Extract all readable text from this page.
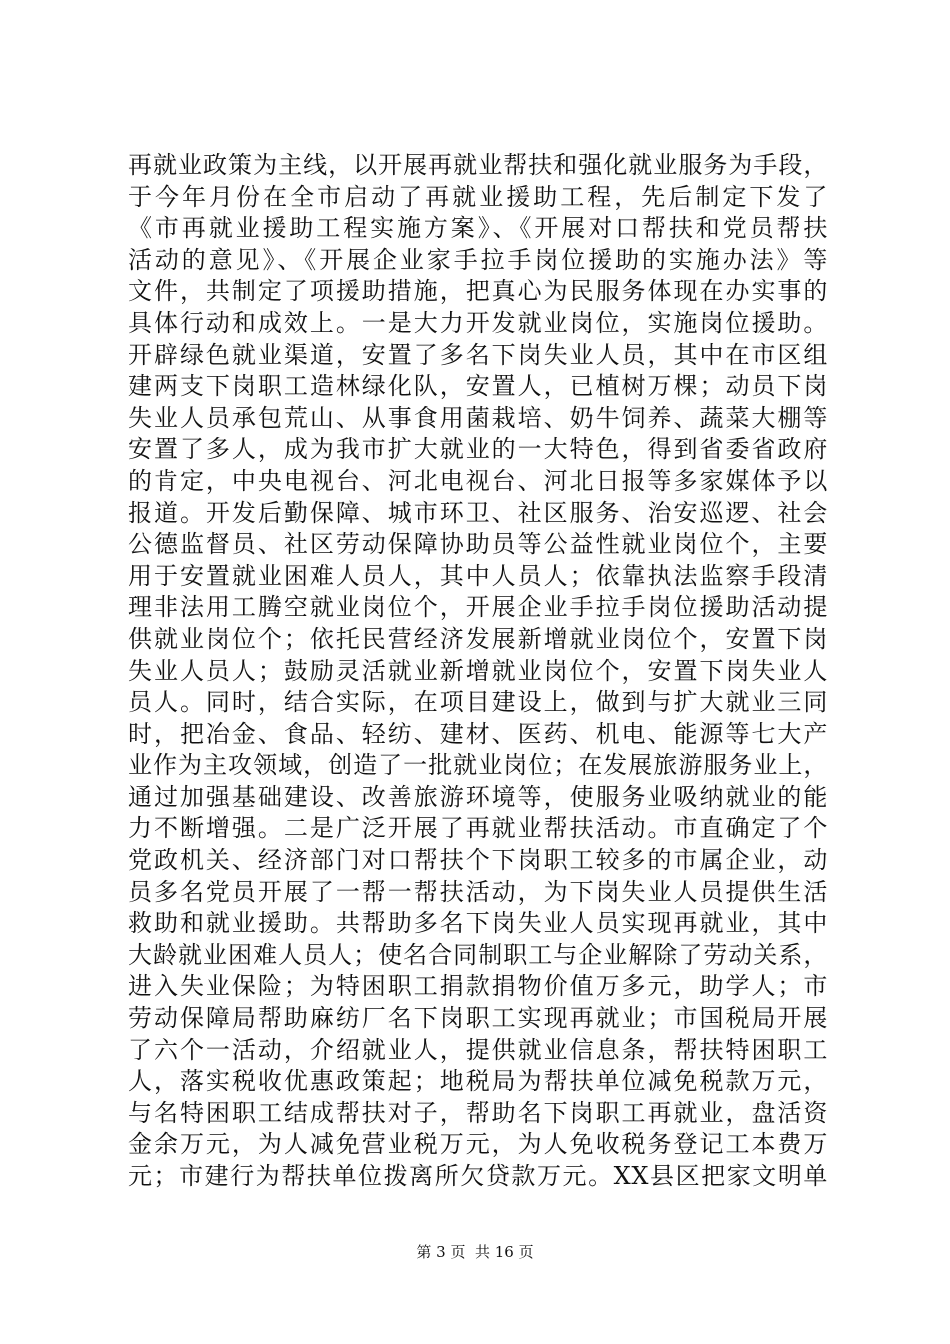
再就业政策为主线，以开展再就业帮扶和强化就业服务为手段，
于今年月份在全市启动了再就业援助工程，先后制定下发了
《市再就业援助工程实施方案》、《开展对口帮扶和党员帮扶
活动的意见》、《开展企业家手拉手岗位援助的实施办法》等
文件，共制定了项援助措施，把真心为民服务体现在办实事的
具体行动和成效上。一是大力开发就业岗位，实施岗位援助。
开辟绿色就业渠道，安置了多名下岗失业人员，其中在市区组
建两支下岗职工造林绿化队，安置人，已植树万棵；动员下岗
失业人员承包荒山、从事食用菌栽培、奶牛饲养、蔬菜大棚等
安置了多人，成为我市扩大就业的一大特色，得到省委省政府
的肯定，中央电视台、河北电视台、河北日报等多家媒体予以
报道。开发后勤保障、城市环卫、社区服务、治安巡逻、社会
公德监督员、社区劳动保障协助员等公益性就业岗位个，主要
用于安置就业困难人员人，其中人员人；依靠执法监察手段清
理非法用工腾空就业岗位个，开展企业手拉手岗位援助活动提
供就业岗位个；依托民营经济发展新增就业岗位个，安置下岗
失业人员人；鼓励灵活就业新增就业岗位个，安置下岗失业人
员人。同时，结合实际，在项目建设上，做到与扩大就业三同
时，把冶金、食品、轻纺、建材、医药、机电、能源等七大产
业作为主攻领域，创造了一批就业岗位；在发展旅游服务业上，
通过加强基础建设、改善旅游环境等，使服务业吸纳就业的能
力不断增强。二是广泛开展了再就业帮扶活动。市直确定了个
党政机关、经济部门对口帮扶个下岗职工较多的市属企业，动
员多名党员开展了一帮一帮扶活动，为下岗失业人员提供生活
救助和就业援助。共帮助多名下岗失业人员实现再就业，其中
大龄就业困难人员人；使名合同制职工与企业解除了劳动关系，
进入失业保险；为特困职工捐款捐物价值万多元，助学人；市
劳动保障局帮助麻纺厂名下岗职工实现再就业；市国税局开展
了六个一活动，介绍就业人，提供就业信息条，帮扶特困职工
人，落实税收优惠政策起；地税局为帮扶单位减免税款万元，
与名特困职工结成帮扶对子，帮助名下岗职工再就业，盘活资
金余万元，为人减免营业税万元，为人免收税务登记工本费万
元；市建行为帮扶单位拨离所欠贷款万元。XX县区把家文明单
第 3 页  共 16 页
